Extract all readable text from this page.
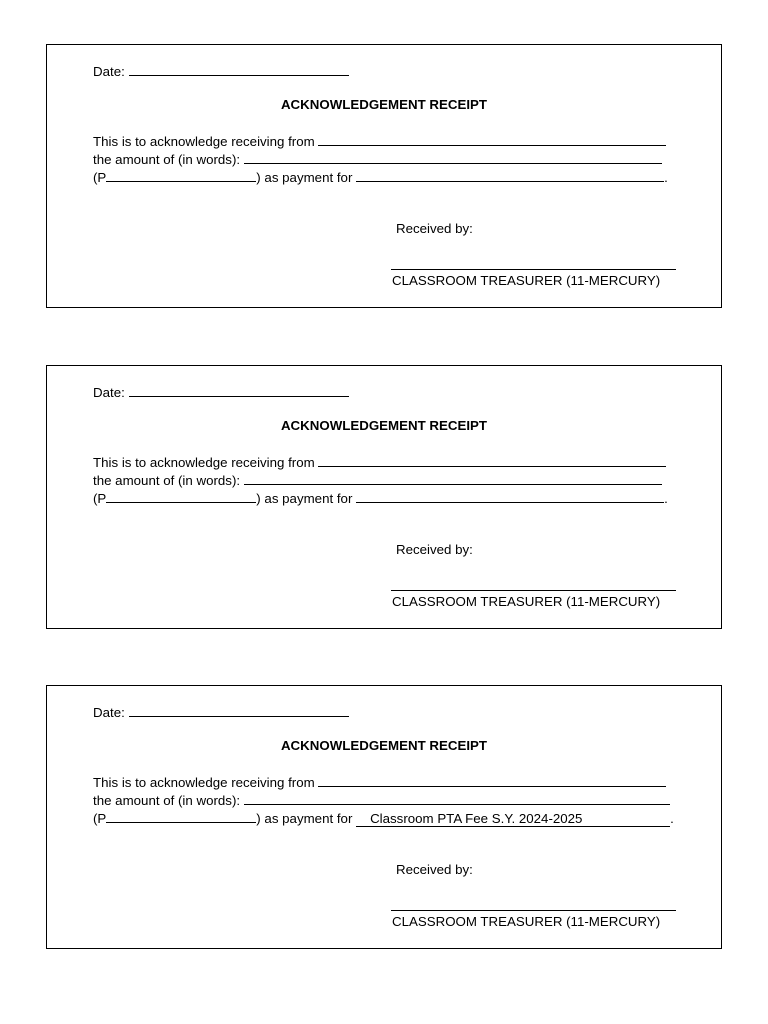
Date:
ACKNOWLEDGEMENT RECEIPT
This is to acknowledge receiving from
the amount of (in words):
(P	) as payment for	.
Received by:
CLASSROOM TREASURER (11-MERCURY)
Date:
ACKNOWLEDGEMENT RECEIPT
This is to acknowledge receiving from
the amount of (in words):
(P	) as payment for	.
Received by:
CLASSROOM TREASURER (11-MERCURY)
Date:
ACKNOWLEDGEMENT RECEIPT
This is to acknowledge receiving from
the amount of (in words):
(P	) as payment for Classroom PTA Fee S.Y. 2024-2025	.
Received by:
CLASSROOM TREASURER (11-MERCURY)
